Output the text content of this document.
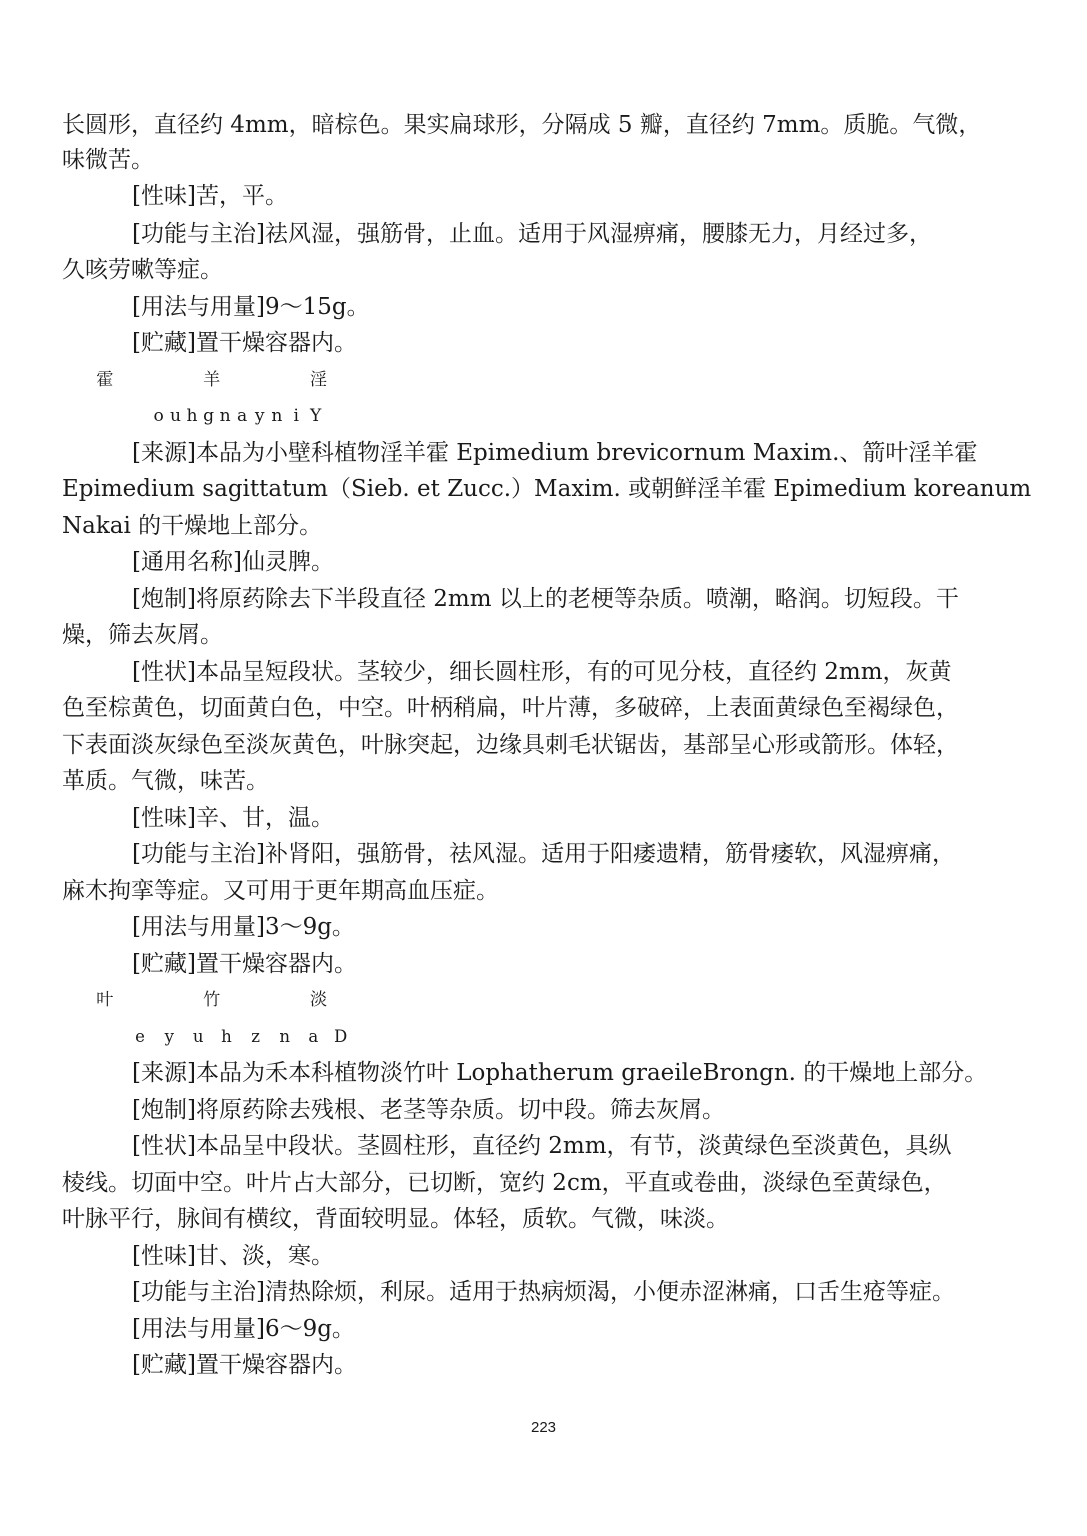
长圆形，直径约 4mm，暗棕色。果实扁球形，分隔成 5 瓣，直径约 7mm。质脆。气微，
味微苦。
[性味]苦，平。
[功能与主治]祛风湿，强筋骨，止血。适用于风湿痹痛，腰膝无力，月经过多，
久咳劳嗽等症。
[用法与用量]9～15g。
[贮藏]置干燥容器内。
[来源]本品为小壁科植物淫羊霍 Epimedium brevicornum Maxim.、箭叶淫羊霍
Epimedium sagittatum（Sieb. et Zucc.）Maxim. 或朝鲜淫羊霍 Epimedium koreanum
Nakai 的干燥地上部分。
[通用名称]仙灵脾。
[炮制]将原药除去下半段直径 2mm 以上的老梗等杂质。喷潮，略润。切短段。干
燥，筛去灰屑。
[性状]本品呈短段状。茎较少，细长圆柱形，有的可见分枝，直径约 2mm，灰黄
色至棕黄色，切面黄白色，中空。叶柄稍扁，叶片薄，多破碎，上表面黄绿色至褐绿色，
下表面淡灰绿色至淡灰黄色，叶脉突起，边缘具刺毛状锯齿，基部呈心形或箭形。体轻，
革质。气微，味苦。
[性味]辛、甘，温。
[功能与主治]补肾阳，强筋骨，祛风湿。适用于阳痿遗精，筋骨痿软，风湿痹痛，
麻木拘挛等症。又可用于更年期高血压症。
[用法与用量]3～9g。
[贮藏]置干燥容器内。
[来源]本品为禾本科植物淡竹叶 Lophatherum graeileBrongn. 的干燥地上部分。
[炮制]将原药除去残根、老茎等杂质。切中段。筛去灰屑。
[性状]本品呈中段状。茎圆柱形，直径约 2mm，有节，淡黄绿色至淡黄色，具纵
棱线。切面中空。叶片占大部分，已切断，宽约 2cm，平直或卷曲，淡绿色至黄绿色，
叶脉平行，脉间有横纹，背面较明显。体轻，质软。气微，味淡。
[性味]甘、淡，寒。
[功能与主治]清热除烦，利尿。适用于热病烦渴，小便赤涩淋痛，口舌生疮等症。
[用法与用量]6～9g。
[贮藏]置干燥容器内。
223
